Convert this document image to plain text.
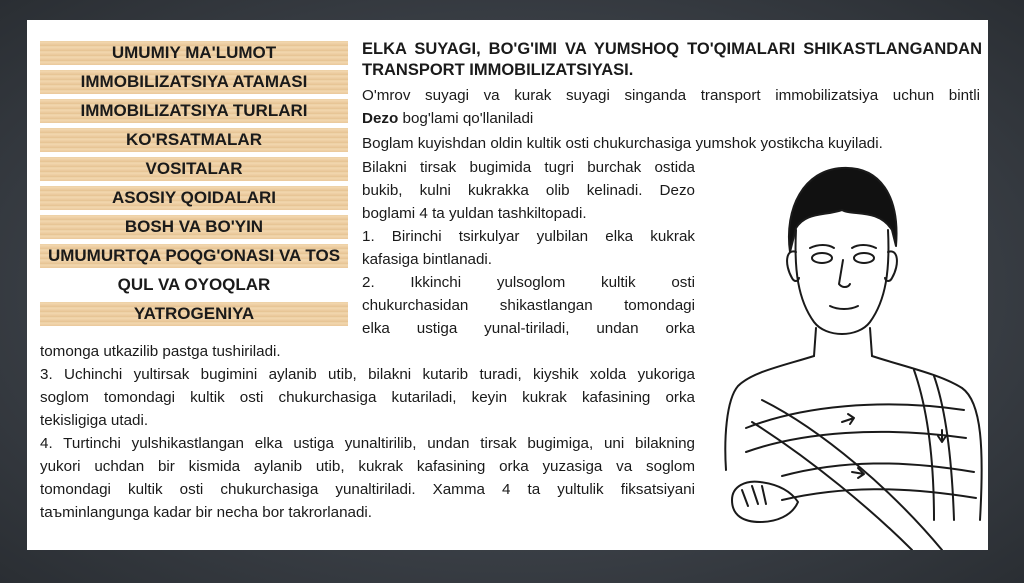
UMUMIY MA'LUMOT
IMMOBILIZATSIYA ATAMASI
IMMOBILIZATSIYA TURLARI
KO'RSATMALAR
VOSITALAR
ASOSIY QOIDALARI
BOSH VA BO'YIN
UMUMURTQA POQG'ONASI VA TOS
QUL VA OYOQLAR
YATROGENIYA
ELKA SUYAGI, BO'G'IMI VA YUMSHOQ TO'QIMALARI SHIKASTLANGANDAN
TRANSPORT IMMOBILIZATSIYASI.

O'mrov suyagi va kurak suyagi singanda transport immobilizatsiya uchun bintli
Dezo bog'lami qo'llaniladi

Boglam kuyishdan oldin kultik osti chukurchasiga yumshok yostikcha kuyiladi.

Bilakni tirsak bugimida tugri burchak ostida
bukib, kulni kukrakka olib kelinadi. Dezo
boglami 4 ta yuldan tashkiltopadi.
1. Birinchi tsirkulyar yulbilan elka kukrak
kafasiga bintlanadi.
2. Ikkinchi yulsoglom kultik osti
chukurchasidan shikastlangan tomondagi
elka ustiga yunal-tiriladi, undan orka

tomonga utkazilib pastga tushiriladi.
3. Uchinchi yultirsak bugimini aylanib utib, bilakni kutarib turadi, kiyshik xolda yukoriga
soglom tomondagi kultik osti chukurchasiga kutariladi, keyin kukrak kafasining orka
tekisligiga utadi.
4. Turtinchi yulshikastlangan elka ustiga yunaltirilib, undan tirsak bugimiga, uni bilakning
yukori uchdan bir kismida aylanib utib, kukrak kafasining orka yuzasiga va soglom
tomondagi kultik osti chukurchasiga yunaltiriladi. Xamma 4 ta yultulik fiksatsiyani
taъminlangunga kadar bir necha bor takrorlanadi.
